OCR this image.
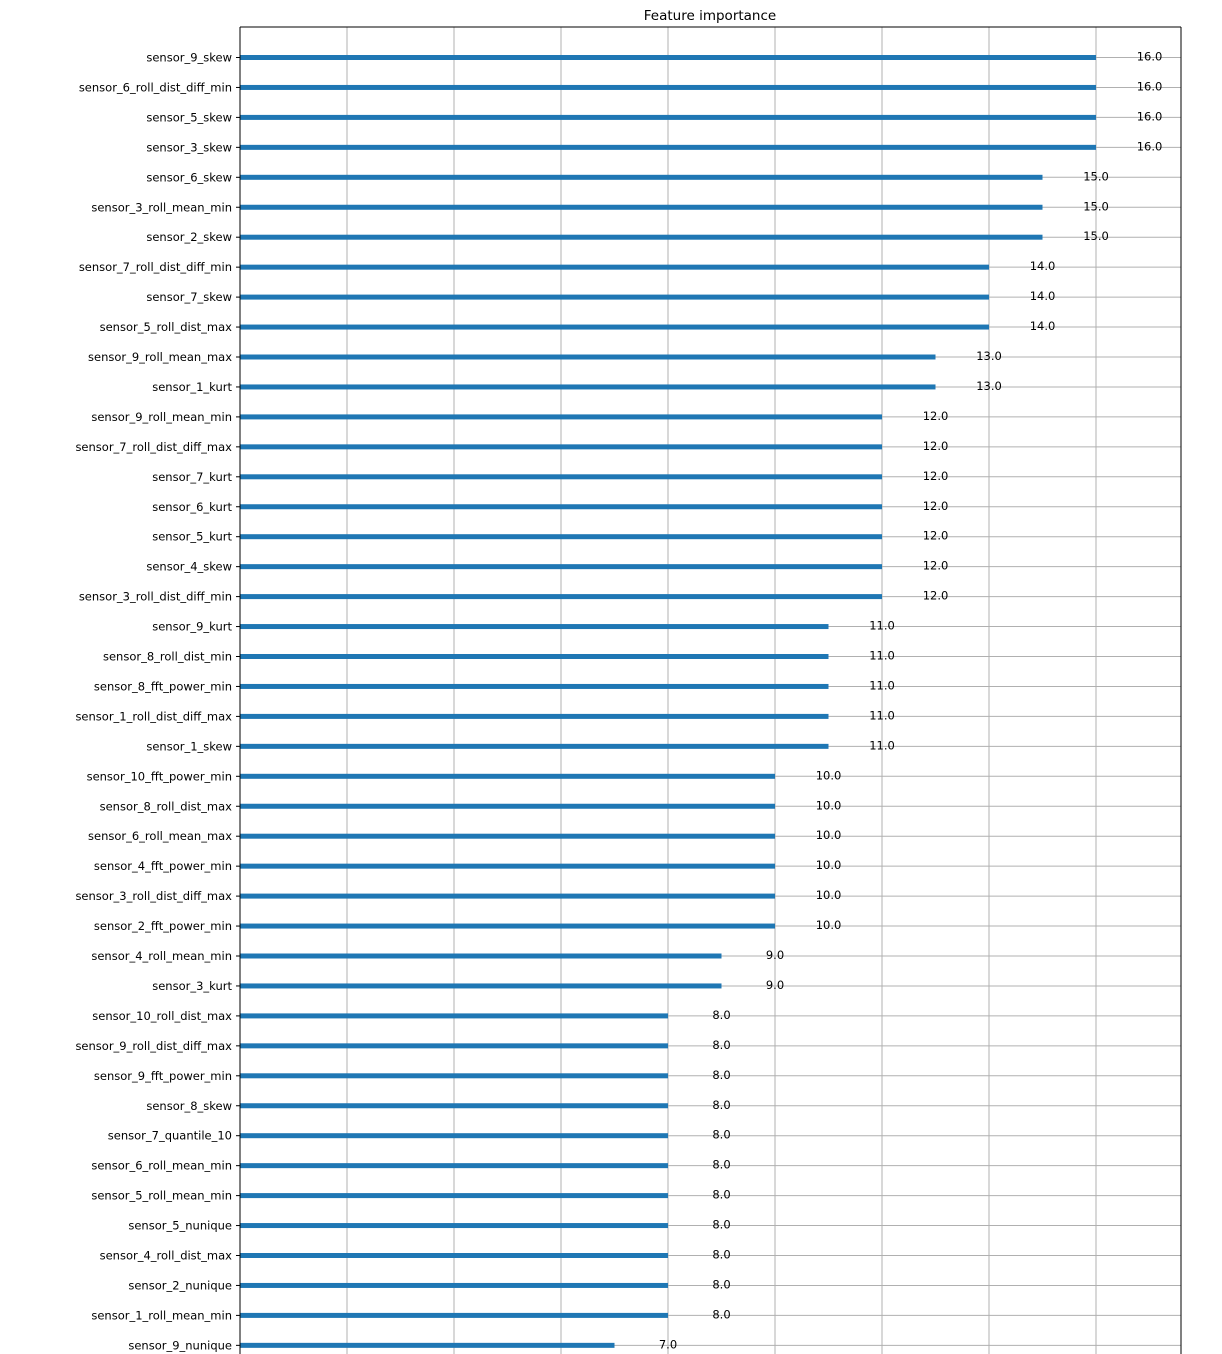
Feature importance
sensor_9_skew	16.0
sensor_6_roll_dist_diff_min	16.0
sensor_5_skew	16.0
sensor_3_skew	16.0
sensor_6_skew	15.0
sensor_3_roll_mean_min	15.0
sensor_2_skew	15.0
sensor_7_roll_dist_diff_min	14.0
sensor_7_skew	14.0
sensor_5_roll_dist_max	14.0
sensor_9_roll_mean_max	13.0
sensor_1_kurt	13.0
sensor_9_roll_mean_min	12.0
sensor_7_roll_dist_diff_max	12.0
sensor_7_kurt	12.0
sensor_6_kurt	12.0
sensor_5_kurt	12.0
sensor_4_skew	12.0
sensor_3_roll_dist_diff_min	12.0
sensor_9_kurt	11.0
sensor_8_roll_dist_min	11.0
sensor_8_fft_power_min	11.0
sensor_1_roll_dist_diff_max	11.0
sensor_1_skew	11.0
sensor_10_fft_power_min	10.0
sensor_8_roll_dist_max	10.0
sensor_6_roll_mean_max	10.0
sensor_4_fft_power_min	10.0
sensor_3_roll_dist_diff_max	10.0
sensor_2_fft_power_min	10.0
sensor_4_roll_mean_min	9.0
sensor_3_kurt	9.0
sensor_10_roll_dist_max	8.0
sensor_9_roll_dist_diff_max	8.0
sensor_9_fft_power_min	8.0
sensor_8_skew	8.0
sensor_7_quantile_10	8.0
sensor_6_roll_mean_min	8.0
sensor_5_roll_mean_min	8.0
sensor_5_nunique	8.0
sensor_4_roll_dist_max	8.0
sensor_2_nunique	8.0
sensor_1_roll_mean_min	8.0
sensor_9_nunique	7.0
